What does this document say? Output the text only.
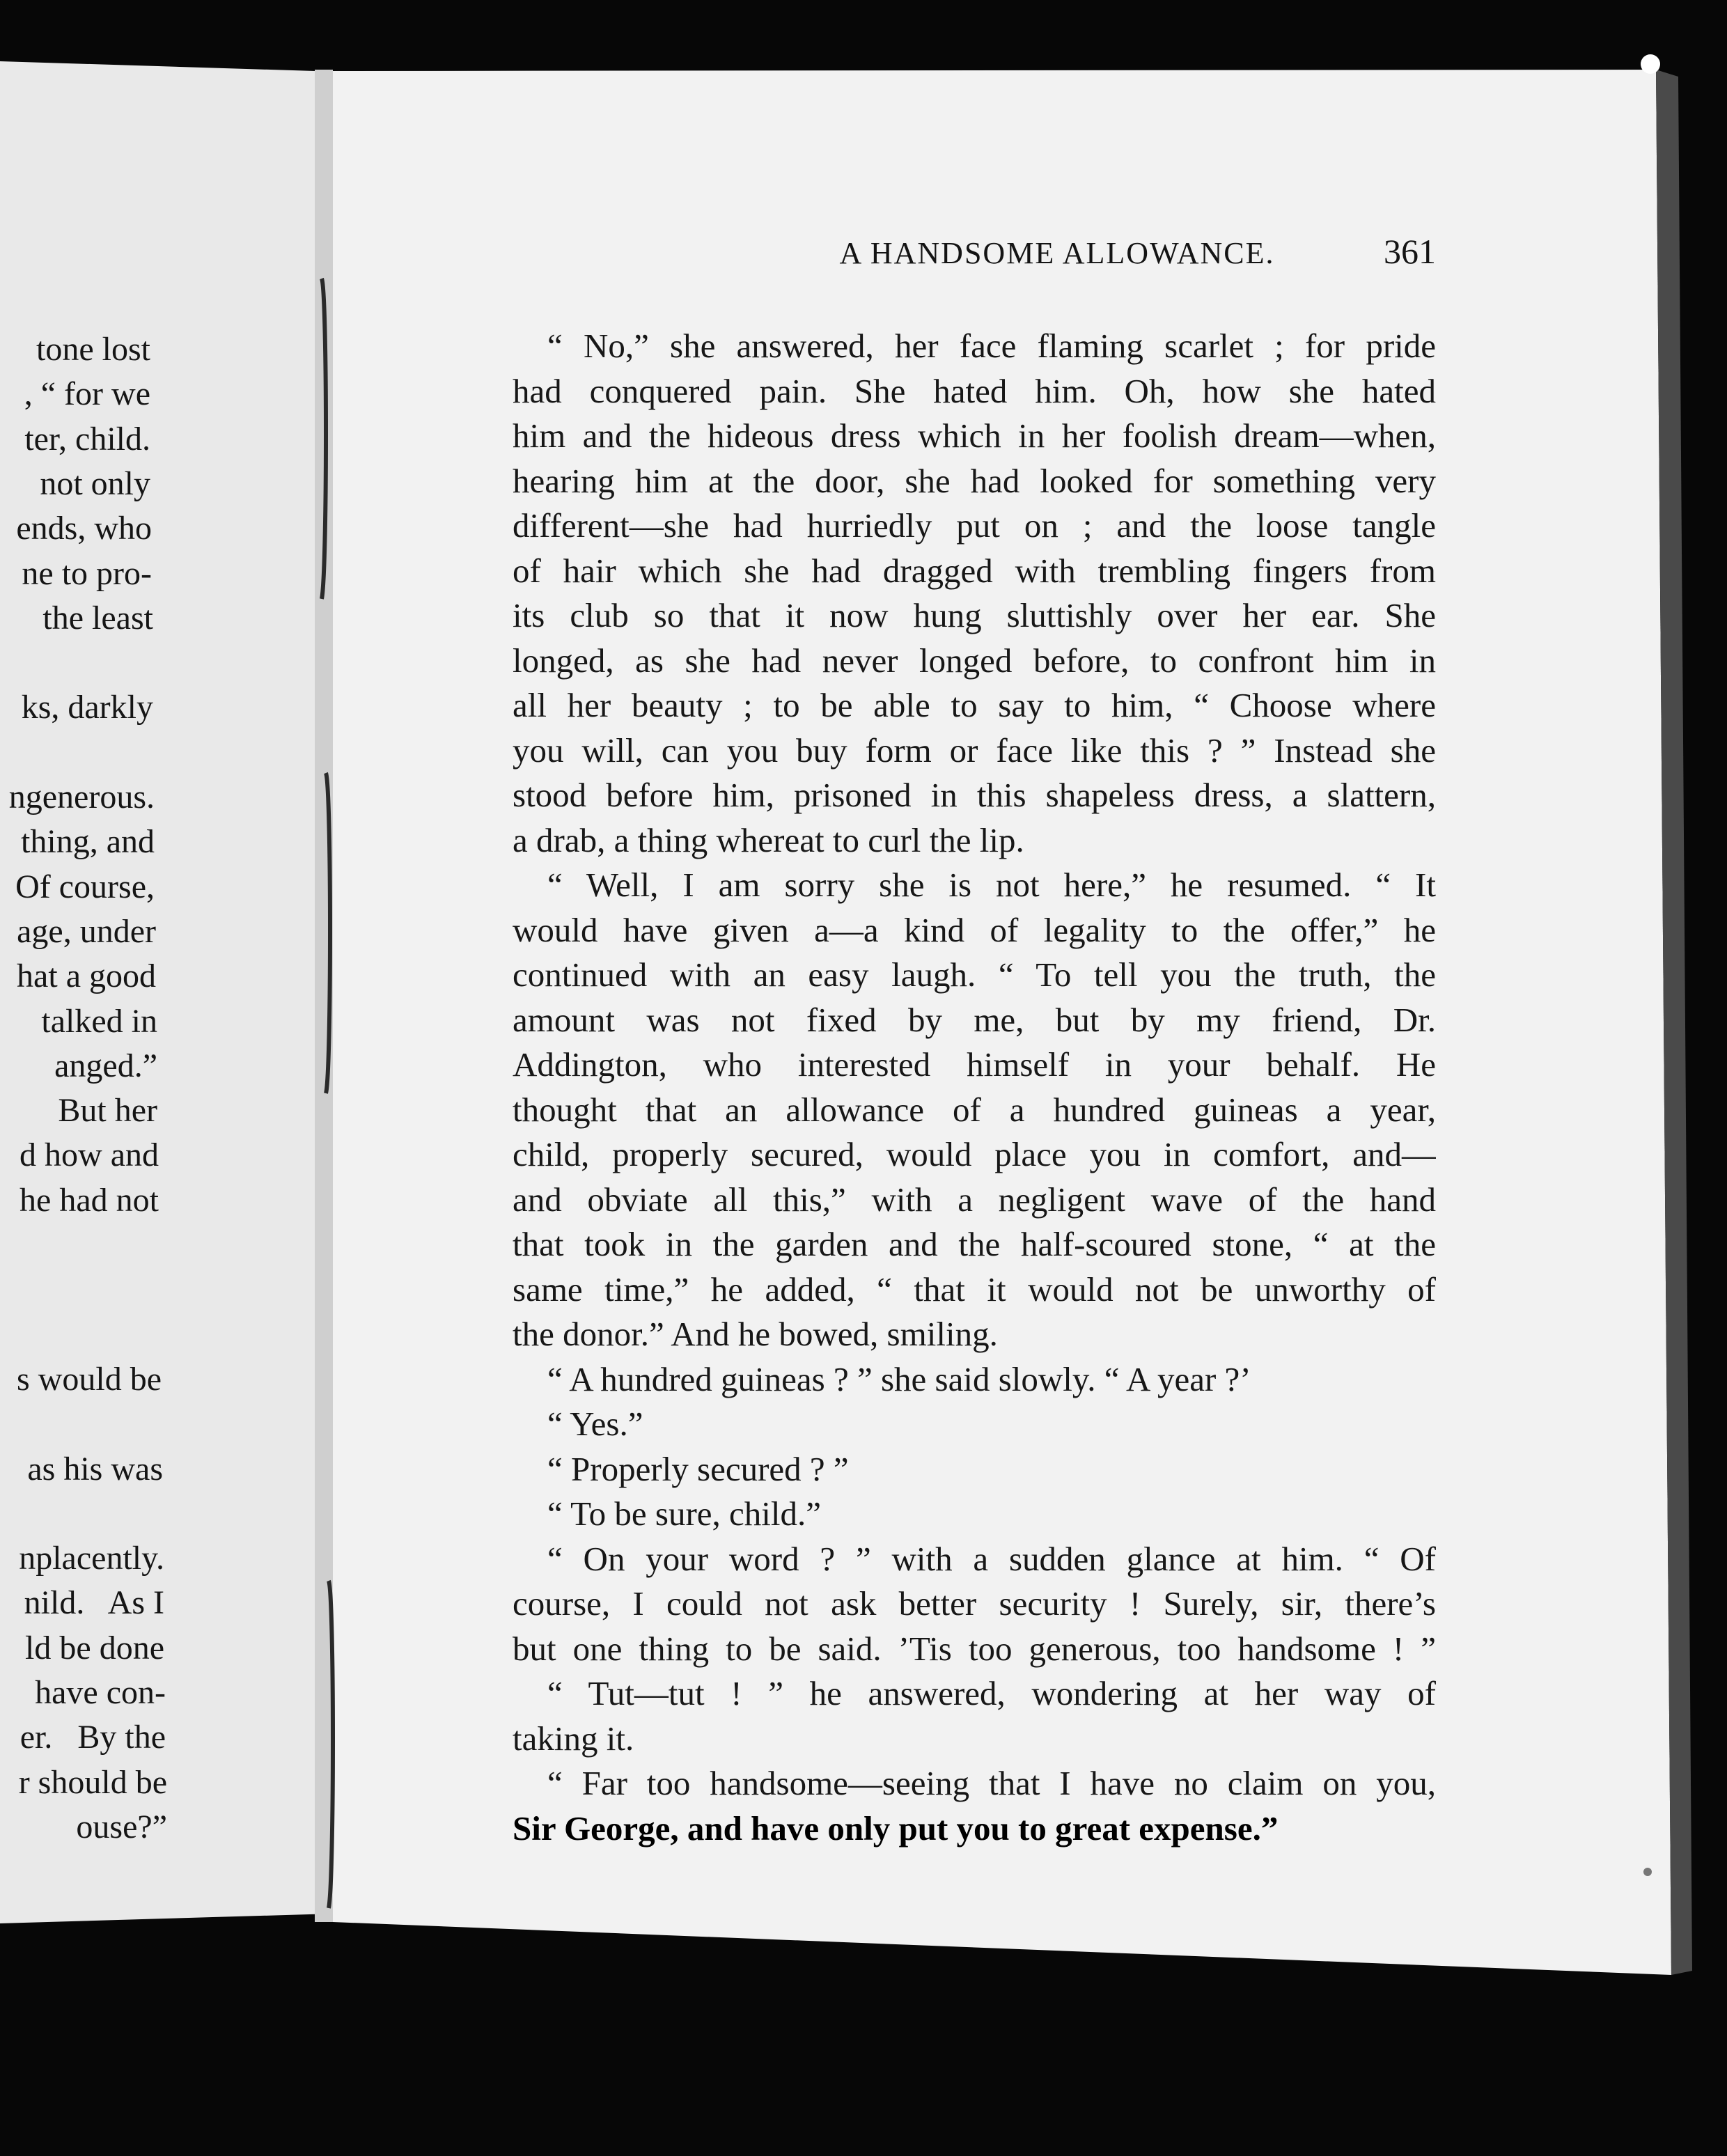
tone lost

, “ for we

ter, child.

not only

ends, who

ne to pro-

the least

ks, darkly

ngenerous.

thing, and

Of course,

age, under

hat a good

talked in

anged.”

But her

d how and

he had not

s would be

as his was

nplacently.

nild.   As I

ld be done

have con-

er.   By the

r should be

ouse?”

A HANDSOME ALLOWANCE.	361

“ No,” she answered, her face flaming scarlet ; for pride

had conquered pain. She hated him. Oh, how she hated

him and the hideous dress which in her foolish dream—when,

hearing him at the door, she had looked for something very

different—she had hurriedly put on ; and the loose tangle

of hair which she had dragged with trembling fingers from

its club so that it now hung sluttishly over her ear. She

longed, as she had never longed before, to confront him in

all her beauty ; to be able to say to him, “ Choose where

you will, can you buy form or face like this ? ” Instead she

stood before him, prisoned in this shapeless dress, a slattern,

a drab, a thing whereat to curl the lip.

“ Well, I am sorry she is not here,” he resumed. “ It

would have given a—a kind of legality to the offer,” he

continued with an easy laugh. “ To tell you the truth, the

amount was not fixed by me, but by my friend, Dr.

Addington, who interested himself in your behalf. He

thought that an allowance of a hundred guineas a year,

child, properly secured, would place you in comfort, and—

and obviate all this,” with a negligent wave of the hand

that took in the garden and the half-scoured stone, “ at the

same time,” he added, “ that it would not be unworthy of

the donor.” And he bowed, smiling.

“ A hundred guineas ? ” she said slowly. “ A year ?’

“ Yes.”

“ Properly secured ? ”

“ To be sure, child.”

“ On your word ? ” with a sudden glance at him. “ Of

course, I could not ask better security ! Surely, sir, there’s

but one thing to be said. ’Tis too generous, too handsome ! ”

“ Tut—tut ! ” he answered, wondering at her way of

taking it.

“ Far too handsome—seeing that I have no claim on you,

Sir George, and have only put you to great expense.”
